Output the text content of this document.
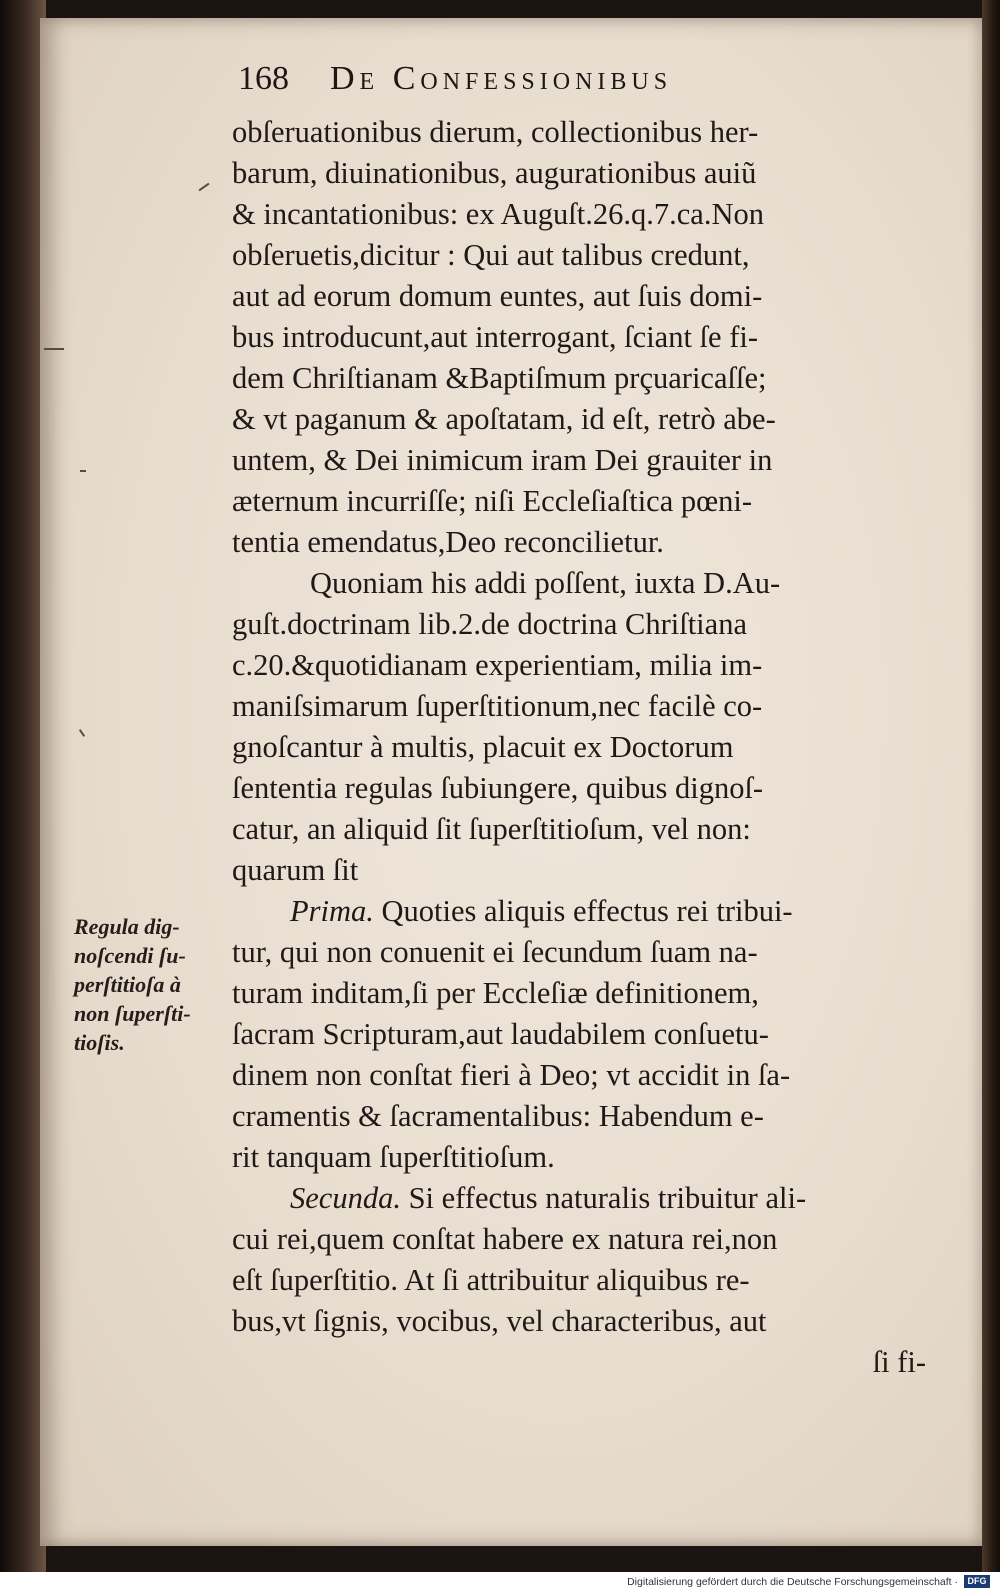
168 De Confessionibus
obſeruationibus dierum, collectionibus her-
barum, diuinationibus, augurationibus auiũ
& incantationibus: ex Auguſt.26.q.7.ca.Non
obſeruetis,dicitur : Qui aut talibus credunt,
aut ad eorum domum euntes, aut ſuis domi-
bus introducunt,aut interrogant, ſciant ſe fi-
dem Chriſtianam &Baptiſmum prçuaricaſſe;
& vt paganum & apoſtatam, id eſt, retrò abe-
untem, & Dei inimicum iram Dei grauiter in
æternum incurriſſe; niſi Eccleſiaſtica pœni-
tentia emendatus,Deo reconcilietur.
Quoniam his addi poſſent, iuxta D.Au-
guſt.doctrinam lib.2.de doctrina Chriſtiana
c.20.&quotidianam experientiam, milia im-
maniſsimarum ſuperſtitionum,nec facilè co-
gnoſcantur à multis, placuit ex Doctorum
ſententia regulas ſubiungere, quibus dignoſ-
catur, an aliquid ſit ſuperſtitioſum, vel non:
quarum ſit
Prima. Quoties aliquis effectus rei tribui-
tur, qui non conuenit ei ſecundum ſuam na-
turam inditam,ſi per Eccleſiæ definitionem,
ſacram Scripturam,aut laudabilem conſuetu-
dinem non conſtat fieri à Deo; vt accidit in ſa-
cramentis & ſacramentalibus: Habendum e-
rit tanquam ſuperſtitioſum.
Secunda. Si effectus naturalis tribuitur ali-
cui rei,quem conſtat habere ex natura rei,non
eſt ſuperſtitio. At ſi attribuitur aliquibus re-
bus,vt ſignis, vocibus, vel characteribus, aut
ſi fi-
Regula dig-
noſcendi ſu-
perſtitioſa à
non ſuperſti-
tioſis.
Digitalisierung gefördert durch die Deutsche Forschungsgemeinschaft ·	DFG
